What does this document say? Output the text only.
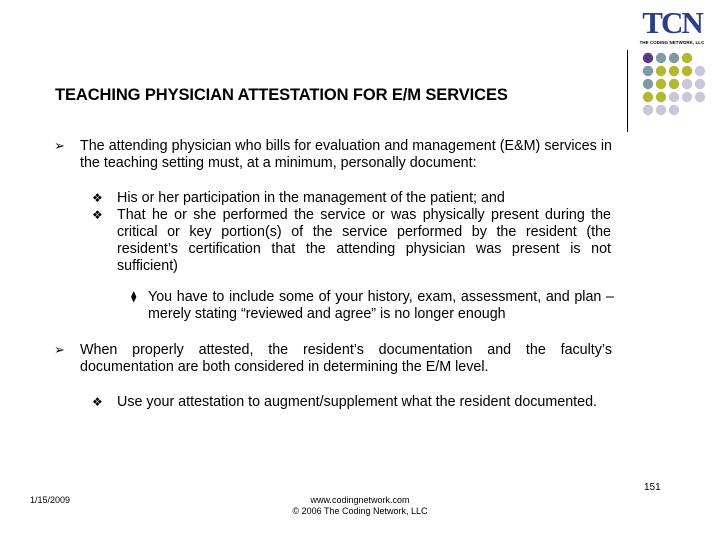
TCN
THE CODING NETWORK, LLC
TEACHING PHYSICIAN ATTESTATION FOR E/M SERVICES
➢ The attending physician who bills for evaluation and management (E&M) services in the teaching setting must, at a minimum, personally document:

❖ His or her participation in the management of the patient; and

❖ That he or she performed the service or was physically present during the critical or key portion(s) of the service performed by the resident (the resident’s certification that the attending physician was present is not sufficient)

⧫ You have to include some of your history, exam, assessment, and plan – merely stating “reviewed and agree” is no longer enough

➢ When properly attested, the resident’s documentation and the faculty’s documentation are both considered in determining the E/M level.

❖ Use your attestation to augment/supplement what the resident documented.

151
1/15/2009	www.codingnetwork.com
© 2006 The Coding Network, LLC
